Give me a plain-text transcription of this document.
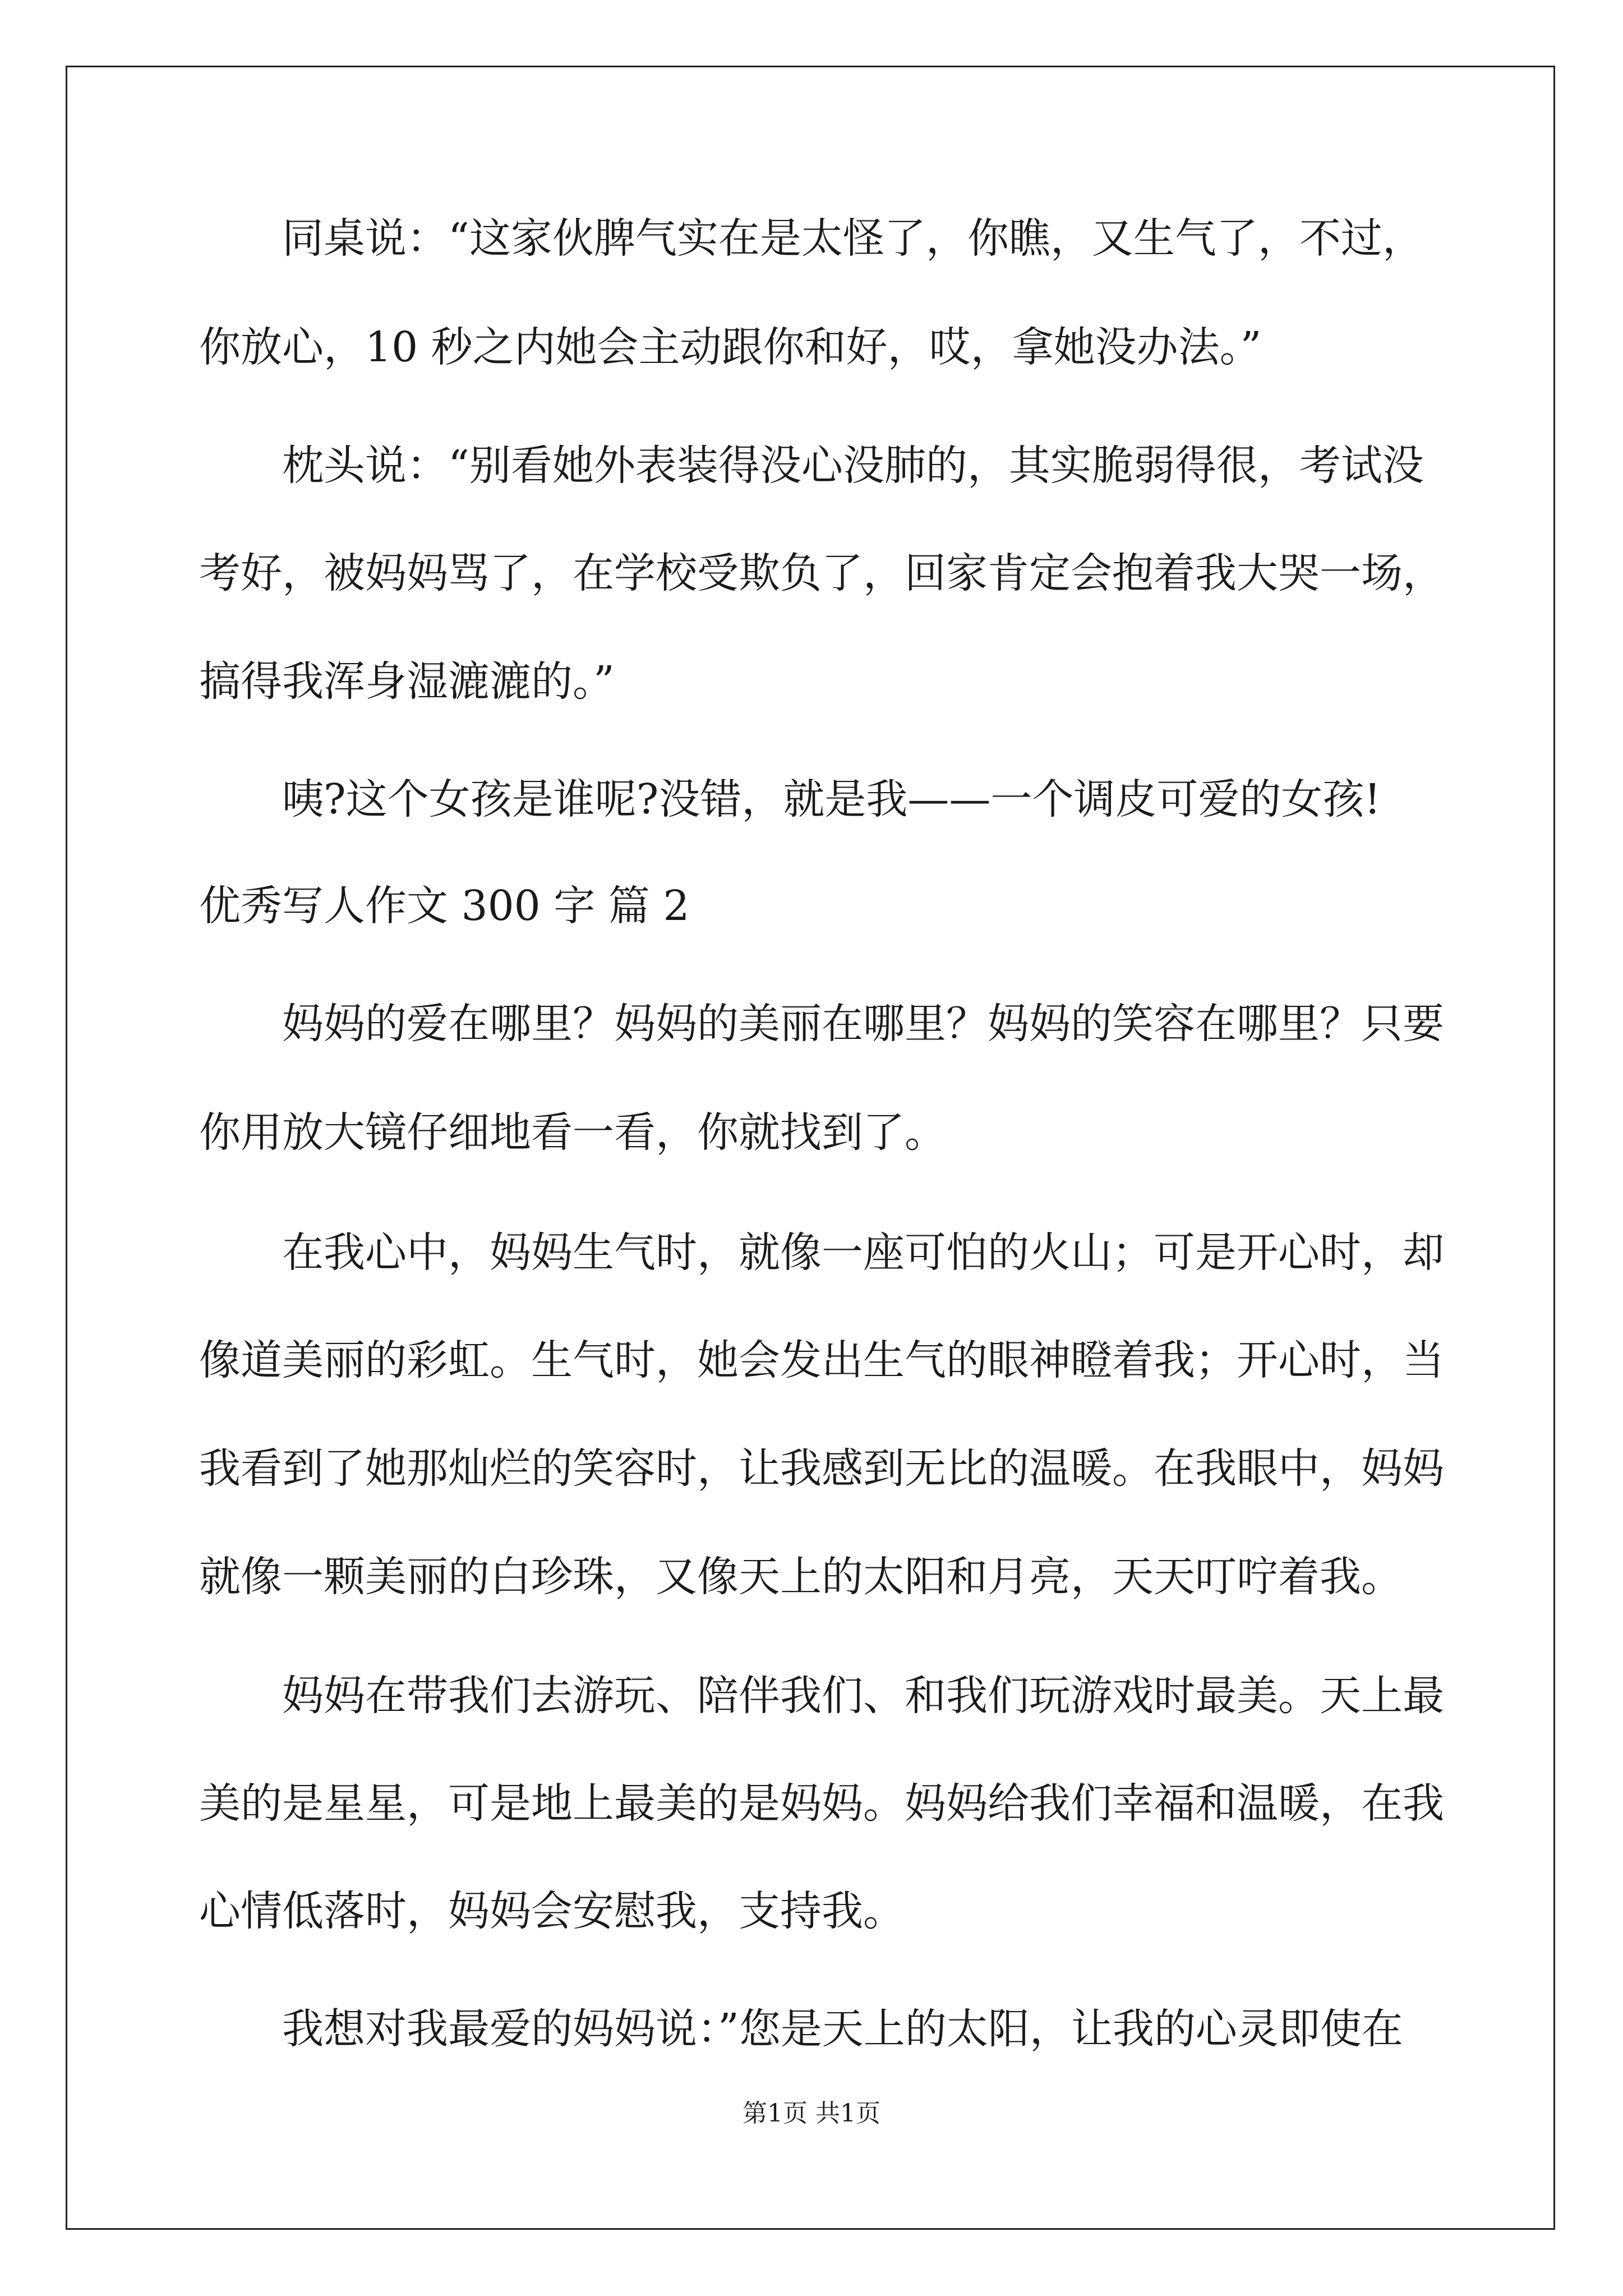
同桌说：“这家伙脾气实在是太怪了，你瞧，又生气了，不过，
你放心，10 秒之内她会主动跟你和好，哎，拿她没办法。”
枕头说：“别看她外表装得没心没肺的，其实脆弱得很，考试没
考好，被妈妈骂了，在学校受欺负了，回家肯定会抱着我大哭一场，
搞得我浑身湿漉漉的。”
咦?这个女孩是谁呢?没错，就是我——一个调皮可爱的女孩!
优秀写人作文 300 字 篇 2
妈妈的爱在哪里？妈妈的美丽在哪里？妈妈的笑容在哪里？只要
你用放大镜仔细地看一看，你就找到了。
在我心中，妈妈生气时，就像一座可怕的火山；可是开心时，却
像道美丽的彩虹。生气时，她会发出生气的眼神瞪着我；开心时，当
我看到了她那灿烂的笑容时，让我感到无比的温暖。在我眼中，妈妈
就像一颗美丽的白珍珠，又像天上的太阳和月亮，天天叮咛着我。
妈妈在带我们去游玩、陪伴我们、和我们玩游戏时最美。天上最
美的是星星，可是地上最美的是妈妈。妈妈给我们幸福和温暖，在我
心情低落时，妈妈会安慰我，支持我。
我想对我最爱的妈妈说：”您是天上的太阳，让我的心灵即使在
第1页 共1页
